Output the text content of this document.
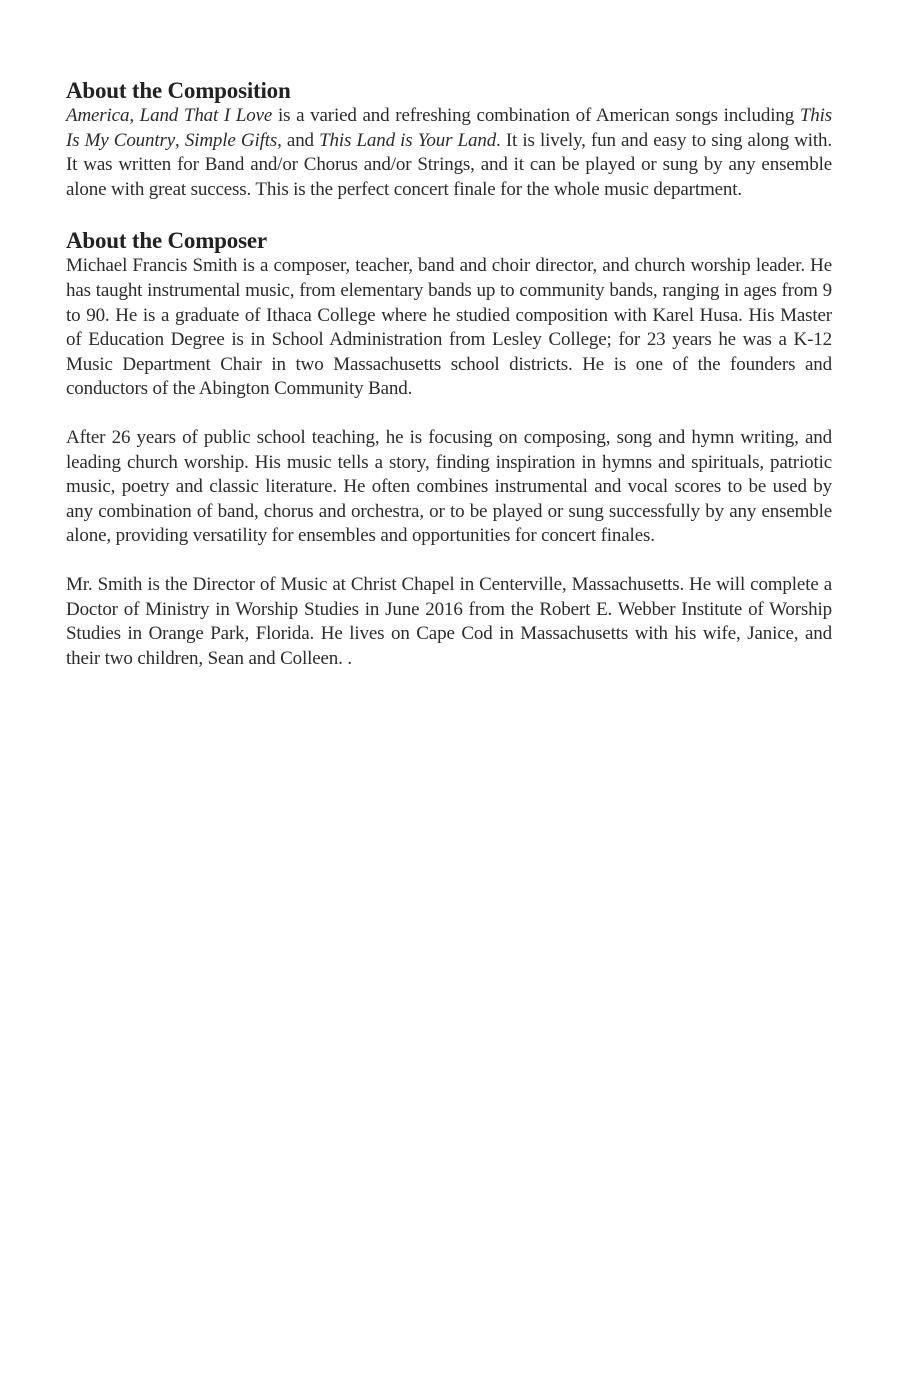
About the Composition

America, Land That I Love is a varied and refreshing combination of American songs including This Is My Country, Simple Gifts, and This Land is Your Land. It is lively, fun and easy to sing along with. It was written for Band and/or Chorus and/or Strings, and it can be played or sung by any ensemble alone with great success. This is the perfect concert finale for the whole music department.

About the Composer

Michael Francis Smith is a composer, teacher, band and choir director, and church worship leader. He has taught instrumental music, from elementary bands up to community bands, ranging in ages from 9 to 90. He is a graduate of Ithaca College where he studied composition with Karel Husa. His Master of Education Degree is in School Administration from Lesley College; for 23 years he was a K-12 Music Department Chair in two Massachusetts school districts. He is one of the founders and conductors of the Abington Community Band.

After 26 years of public school teaching, he is focusing on composing, song and hymn writing, and leading church worship. His music tells a story, finding inspiration in hymns and spirituals, patriotic music, poetry and classic literature. He often combines instrumental and vocal scores to be used by any combination of band, chorus and orchestra, or to be played or sung successfully by any ensemble alone, providing versatility for ensembles and opportunities for concert finales.

Mr. Smith is the Director of Music at Christ Chapel in Centerville, Massachusetts. He will complete a Doctor of Ministry in Worship Studies in June 2016 from the Robert E. Webber Institute of Worship Studies in Orange Park, Florida. He lives on Cape Cod in Massachusetts with his wife, Janice, and their two children, Sean and Colleen. .
